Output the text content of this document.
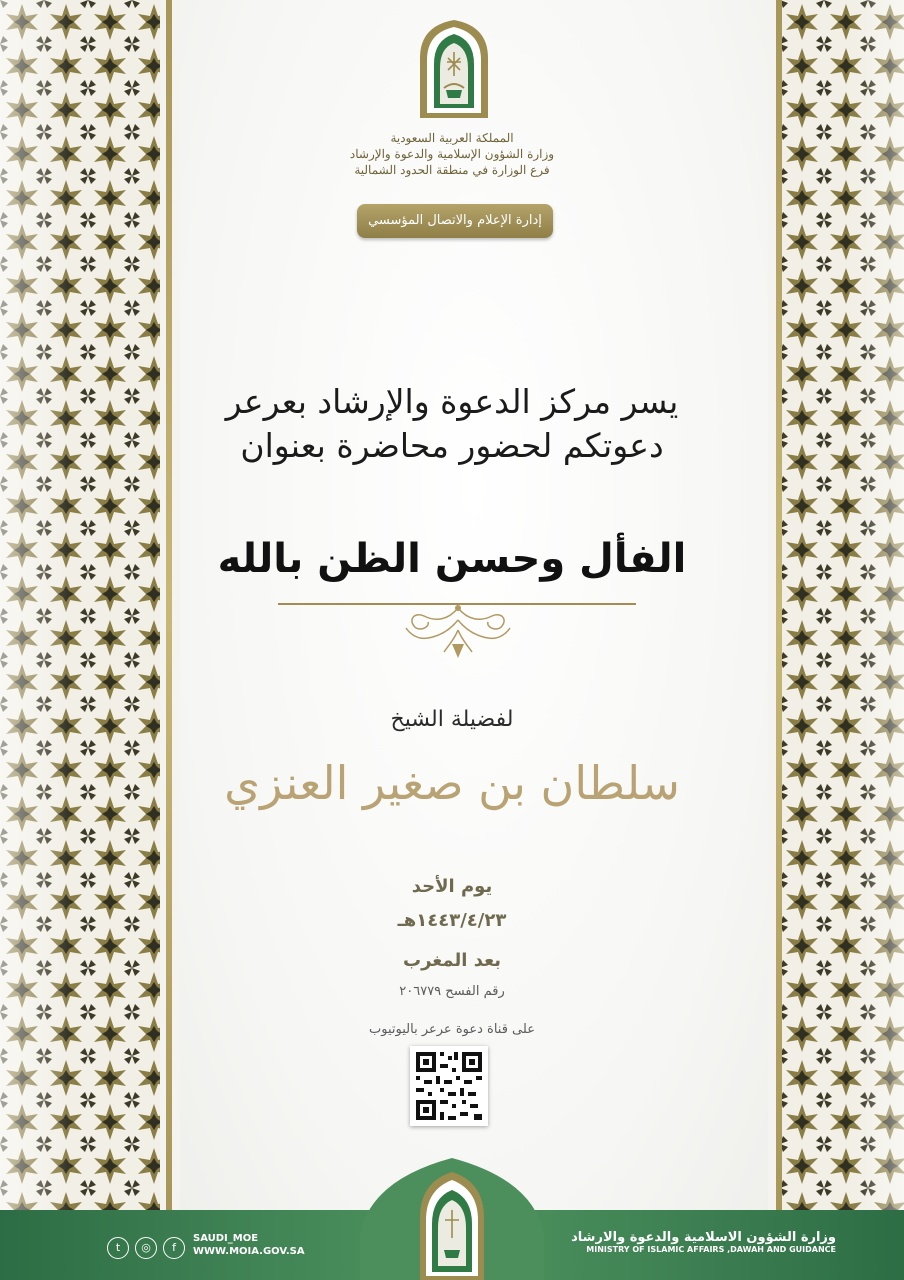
المملكة العربية السعودية
وزارة الشؤون الإسلامية والدعوة والإرشاد
فرع الوزارة في منطقة الحدود الشمالية
إدارة الإعلام والاتصال المؤسسي
يسر مركز الدعوة والإرشاد بعرعر
دعوتكم لحضور محاضرة بعنوان
الفأل وحسن الظن بالله
لفضيلة الشيخ
سلطان بن صغير العنزي
يوم الأحد
١٤٤٣/٤/٢٣هـ
بعد المغرب
رقم الفسح ٢٠٦٧٧٩
على قناة دعوة عرعر باليوتيوب
t	◎	f
SAUDI_MOE
WWW.MOIA.GOV.SA
وزارة الشؤون الاسلامية والدعوة والارشاد
MINISTRY OF ISLAMIC AFFAIRS ,DAWAH AND GUIDANCE
